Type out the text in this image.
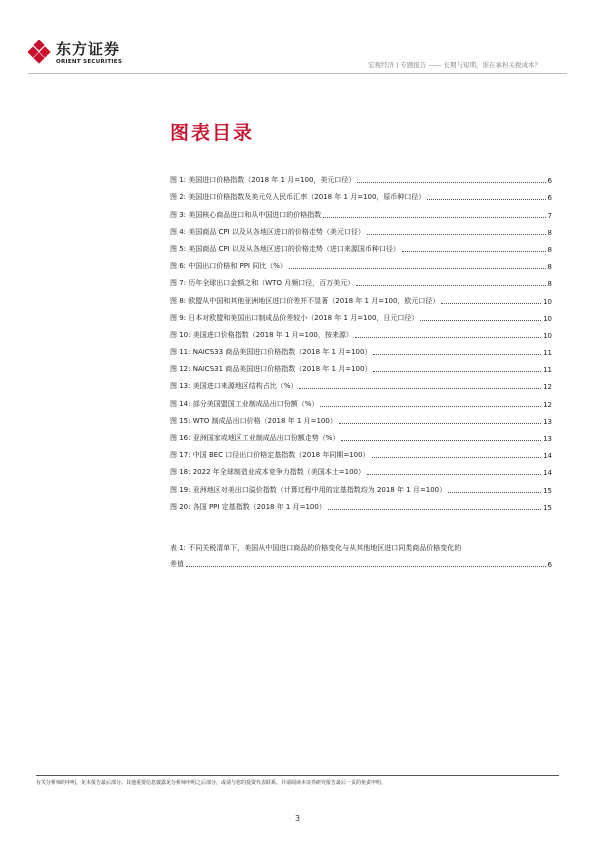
东方证券
ORIENT SECURITIES	宏观经济 | 专题报告 —— 长期与短期，谁在承担关税成本？
图表目录
图 1: 美国进口价格指数（2018 年 1 月=100，美元口径）	6
图 2: 美国进口价格指数及美元兑人民币汇率（2018 年 1 月=100，原币种口径）	6
图 3: 美国核心商品进口和从中国进口的价格指数	7
图 4: 美国商品 CPI 以及从各地区进口的价格走势（美元口径）	8
图 5: 美国商品 CPI 以及从各地区进口的价格走势（进口来源国币种口径）	8
图 6: 中国出口价格和 PPI 同比（%）	8
图 7: 历年全球出口金额之和（WTO 月频口径，百万美元）	8
图 8: 欧盟从中国和其他亚洲地区进口价差并不显著（2018 年 1 月=100，欧元口径）	10
图 9: 日本对欧盟和美国出口制成品价差较小（2018 年 1 月=100，日元口径）	10
图 10: 美国进口价格指数（2018 年 1 月=100，按来源）	10
图 11: NAICS33 商品美国进口价格指数（2018 年 1 月=100）	11
图 12: NAICS31 商品美国进口价格指数（2018 年 1 月=100）	11
图 13: 美国进口来源地区结构占比（%）	12
图 14: 部分美国盟国工业制成品出口份额（%）	12
图 15: WTO 制成品出口价格（2018 年 1 月=100）	13
图 16: 亚洲国家或地区工业制成品出口份额走势（%）	13
图 17: 中国 BEC 口径出口价格定基指数（2018 年同期=100）	14
图 18: 2022 年全球制造业成本竞争力指数（美国本土=100）	14
图 19: 亚洲地区对美出口溢价指数（计算过程中用的定基指数均为 2018 年 1 月=100）	15
图 20: 各国 PPI 定基指数（2018 年 1 月=100）	15
表 1: 不同关税清单下，美国从中国进口商品的价格变化与从其他地区进口同类商品价格变化的
差值	6
有关分析师的申明，见本报告最后部分。其他重要信息披露见分析师申明之后部分，或请与您的投资代表联系。并请阅读本证券研究报告最后一页的免责申明。
3
